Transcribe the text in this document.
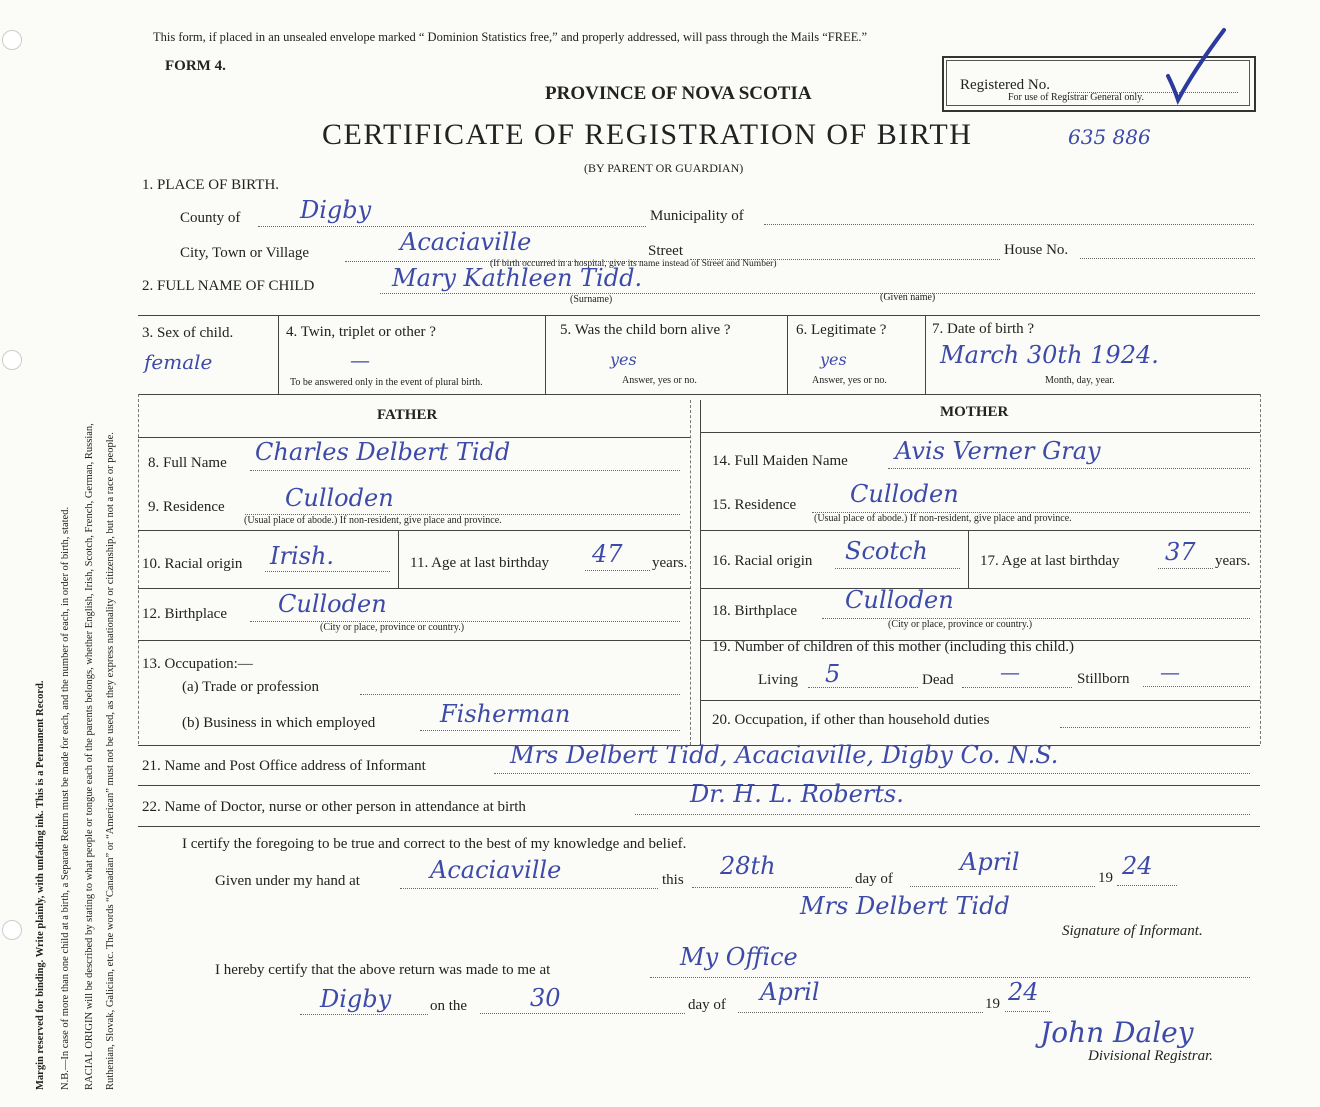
Margin reserved for binding. Write plainly, with unfading ink. This is a Permanent Record. N.B.—In case of more than one child at a birth, a Separate Return must be made for each, and the number of each, in order of birth, stated. RACIAL ORIGIN will be described by stating to what people or tongue each of the parents belongs, whether English, Irish, Scotch, French, German, Russian, Ruthenian, Slovak, Galician, etc. The words “Canadian” or “American” must not be used, as they express nationality or citizenship, but not a race or people.
This form, if placed in an unsealed envelope marked “ Dominion Statistics free,” and properly addressed, will pass through the Mails “FREE.”
FORM 4.
Registered No.
For use of Registrar General only.
PROVINCE OF NOVA SCOTIA
CERTIFICATE OF REGISTRATION OF BIRTH	635 886
(BY PARENT OR GUARDIAN)
1. PLACE OF BIRTH.
County of Digby	Municipality of
City, Town or Village	Acaciaville	Street	House No.
(If birth occurred in a hospital, give its name instead of Street and Number)
2. FULL NAME OF CHILD	Mary Kathleen Tidd.
(Surname)	(Given name)
3. Sex of child.
female
4. Twin, triplet or other ?
—
To be answered only in the event of plural birth.
5. Was the child born alive ?
yes
Answer, yes or no.
6. Legitimate ?
yes
Answer, yes or no.
7. Date of birth ?
March 30th 1924.
Month, day, year.
FATHER
8. Full Name Charles Delbert Tidd
9. Residence	Culloden
(Usual place of abode.) If non-resident, give place and province.
10. Racial origin Irish.	11. Age at last birthday 47 years.
12. Birthplace Culloden
(City or place, province or country.)
13. Occupation:—
(a) Trade or profession
(b) Business in which employed	Fisherman
MOTHER
14. Full Maiden Name Avis Verner Gray
15. Residence Culloden
(Usual place of abode.) If non-resident, give place and province.
16. Racial origin Scotch	17. Age at last birthday 37 years.
18. Birthplace Culloden
(City or place, province or country.)
19. Number of children of this mother (including this child.)
Living 5	Dead —	Stillborn —
20. Occupation, if other than household duties
21. Name and Post Office address of Informant	Mrs Delbert Tidd, Acaciaville, Digby Co. N.S.
22. Name of Doctor, nurse or other person in attendance at birth	Dr. H. L. Roberts.
I certify the foregoing to be true and correct to the best of my knowledge and belief.
Given under my hand at	Acaciaville	this 28th	day of
April
19 24
Mrs Delbert Tidd
Signature of Informant.
I hereby certify that the above return was made to me at	My Office
Digby	on the	30	day of April	19 24
John Daley
Divisional Registrar.
